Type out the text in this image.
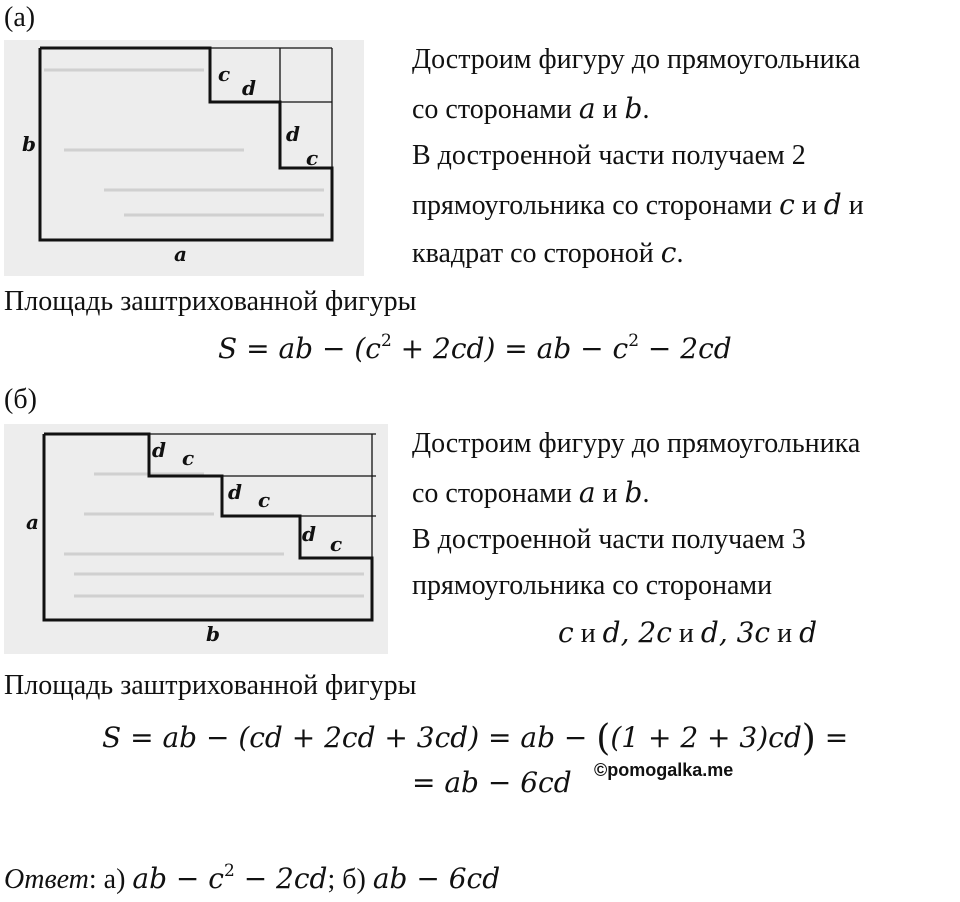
(а)
b
a
c
d
d
c
Достроим фигуру до прямоугольника
со сторонами a и b.
В достроенной части получаем 2
прямоугольника со сторонами c и d и
квадрат со стороной c.
Площадь заштрихованной фигуры
S = ab − $(c^2 + 2cd)$ = ab − $c^2 - 2cd$
(б)
a
b
d c
d c
d c
Достроим фигуру до прямоугольника
со сторонами a и b.
В достроенной части получаем 3
прямоугольника со сторонами
c и d, 2c и d, 3c и d
Площадь заштрихованной фигуры
S = ab − (cd + 2cd + 3cd) = ab − ((1 + 2 + 3)cd) =
= ab − 6cd ©pomogalka.me
Ответ: а) ab − $c^2 - 2cd$; б) ab − 6cd
